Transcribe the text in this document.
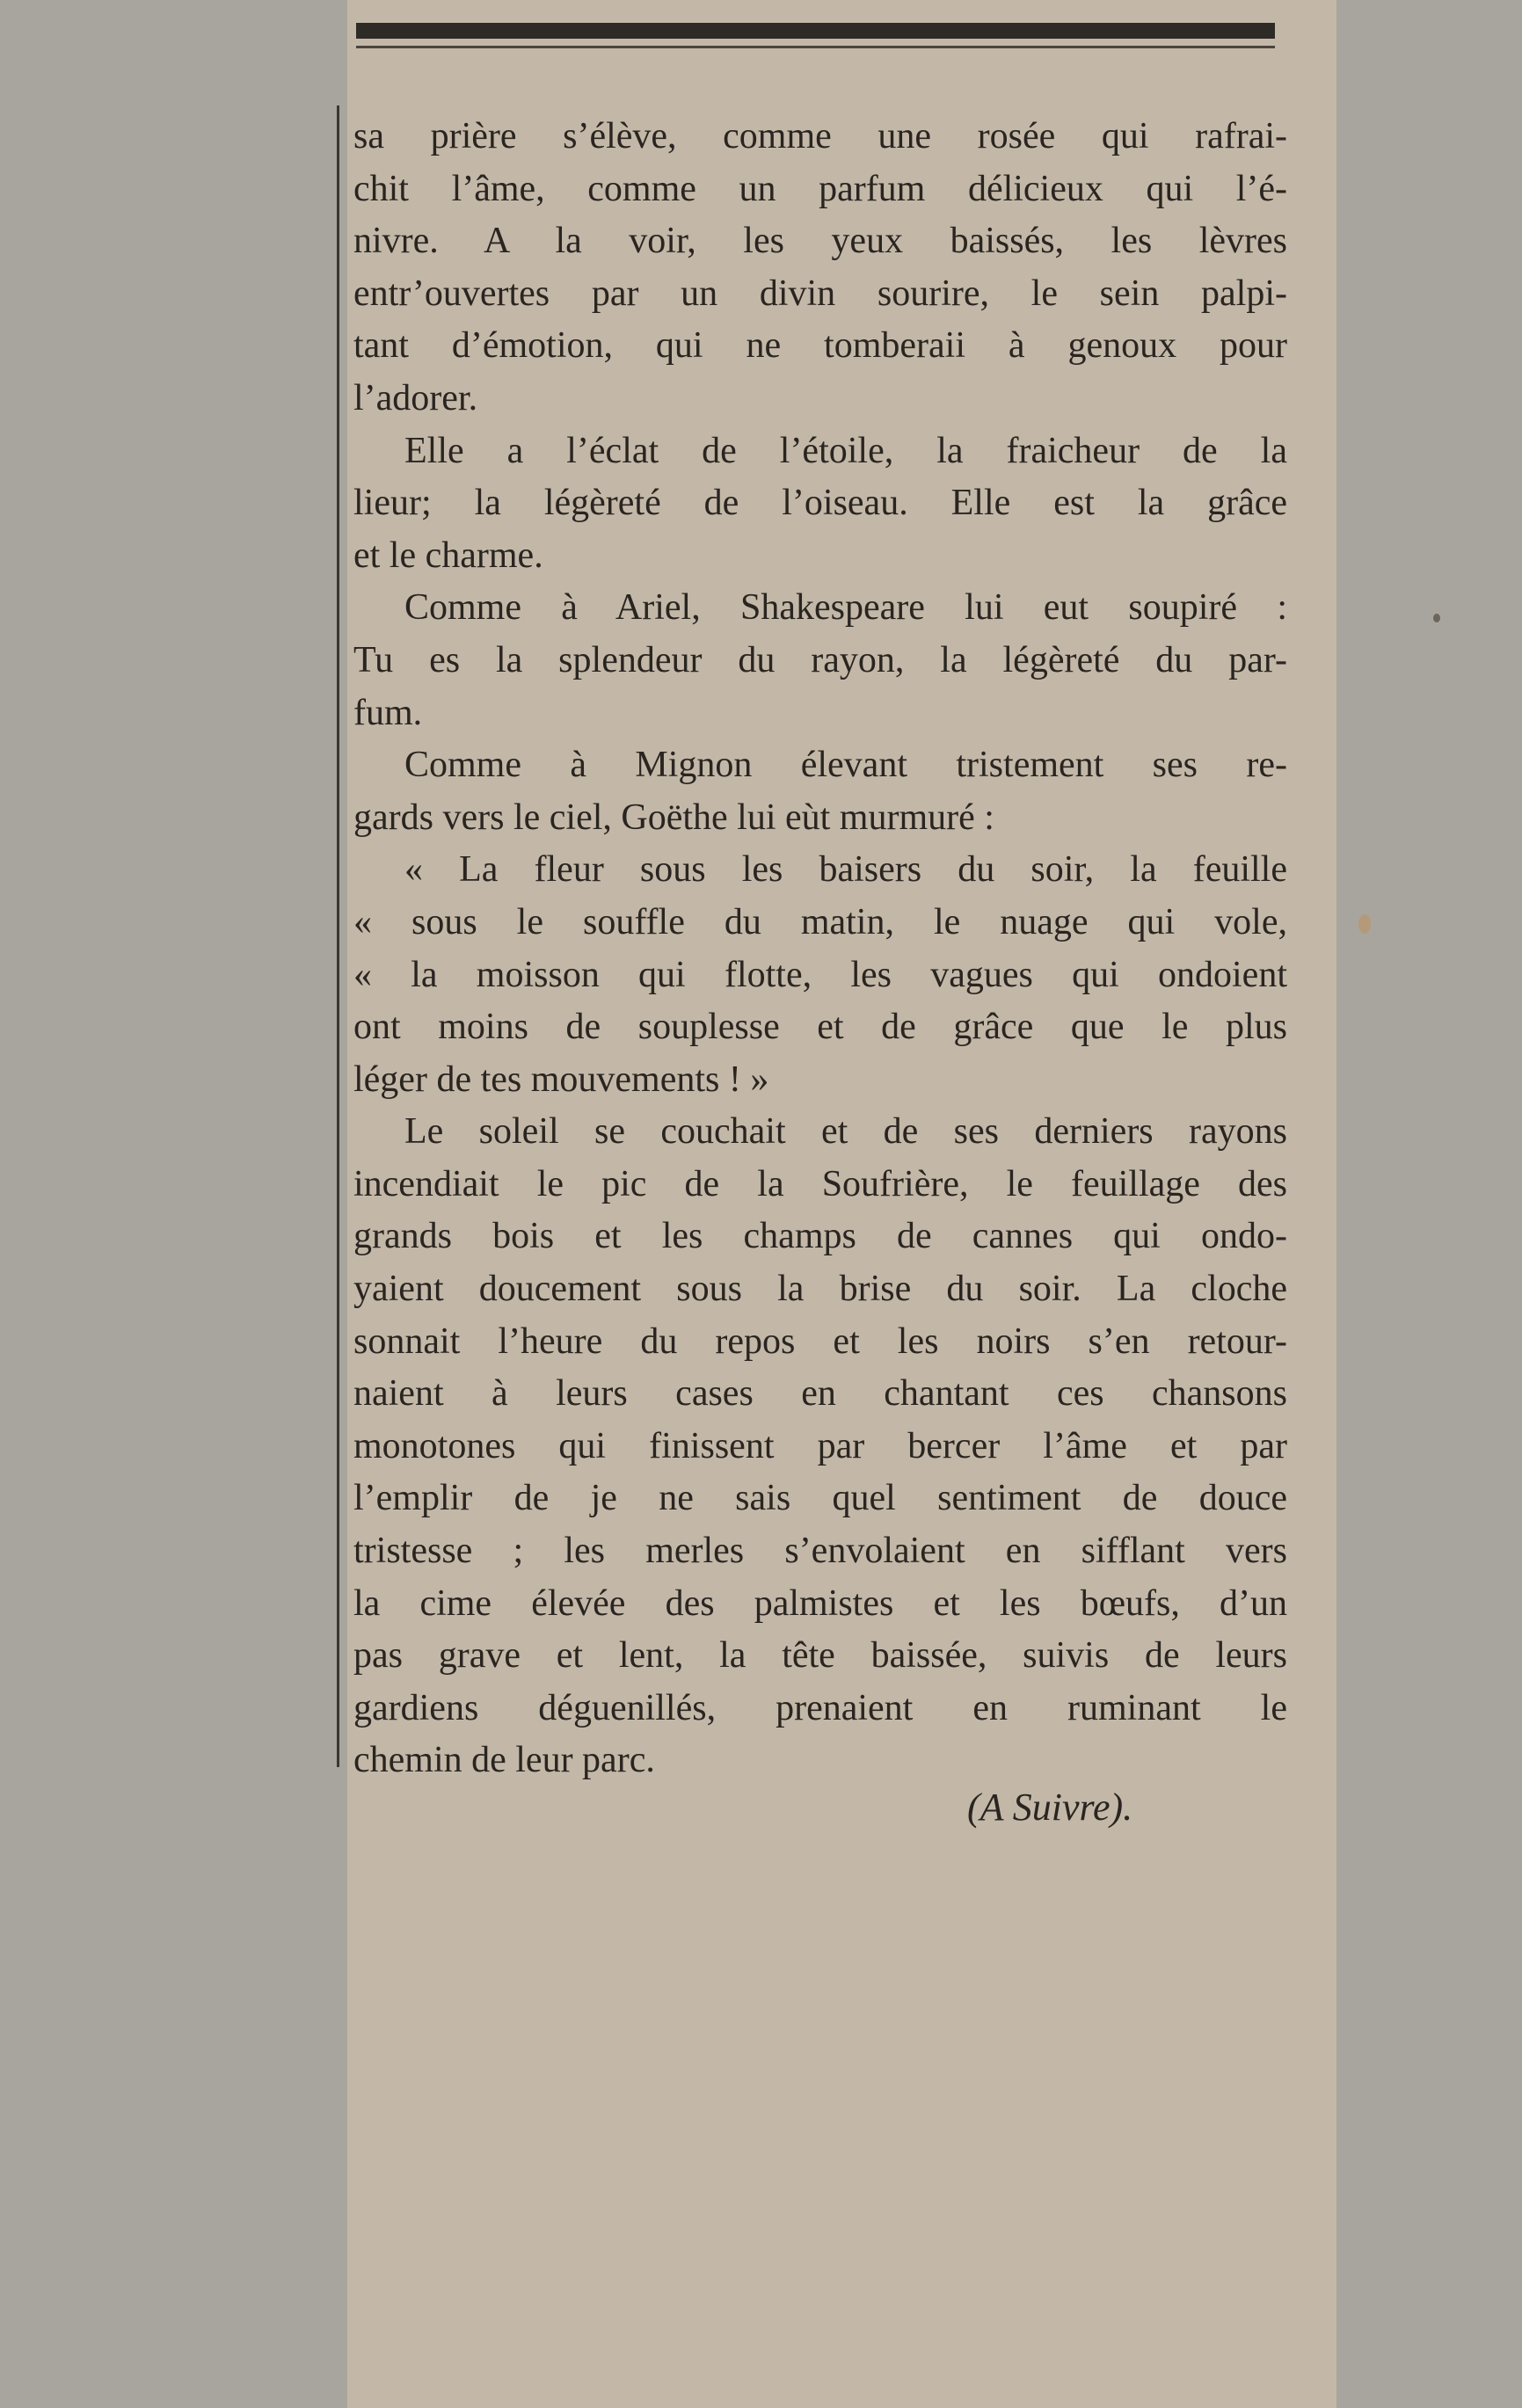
sa prière s’élève, comme une rosée qui rafrai-
chit l’âme, comme un parfum délicieux qui l’é-
nivre. A la voir, les yeux baissés, les lèvres
entr’ouvertes par un divin sourire, le sein palpi-
tant d’émotion, qui ne tomberaii à genoux pour
l’adorer.
Elle a l’éclat de l’étoile, la fraicheur de la
lieur; la légèreté de l’oiseau. Elle est la grâce
et le charme.
Comme à Ariel, Shakespeare lui eut soupiré :
Tu es la splendeur du rayon, la légèreté du par-
fum.
Comme à Mignon élevant tristement ses re-
gards vers le ciel, Goëthe lui eùt murmuré :
« La fleur sous les baisers du soir, la feuille
« sous le souffle du matin, le nuage qui vole,
« la moisson qui flotte, les vagues qui ondoient
ont moins de souplesse et de grâce que le plus
léger de tes mouvements ! »
Le soleil se couchait et de ses derniers rayons
incendiait le pic de la Soufrière, le feuillage des
grands bois et les champs de cannes qui ondo-
yaient doucement sous la brise du soir. La cloche
sonnait l’heure du repos et les noirs s’en retour-
naient à leurs cases en chantant ces chansons
monotones qui finissent par bercer l’âme et par
l’emplir de je ne sais quel sentiment de douce
tristesse ; les merles s’envolaient en sifflant vers
la cime élevée des palmistes et les bœufs, d’un
pas grave et lent, la tête baissée, suivis de leurs
gardiens déguenillés, prenaient en ruminant le
chemin de leur parc.
(A Suivre).
